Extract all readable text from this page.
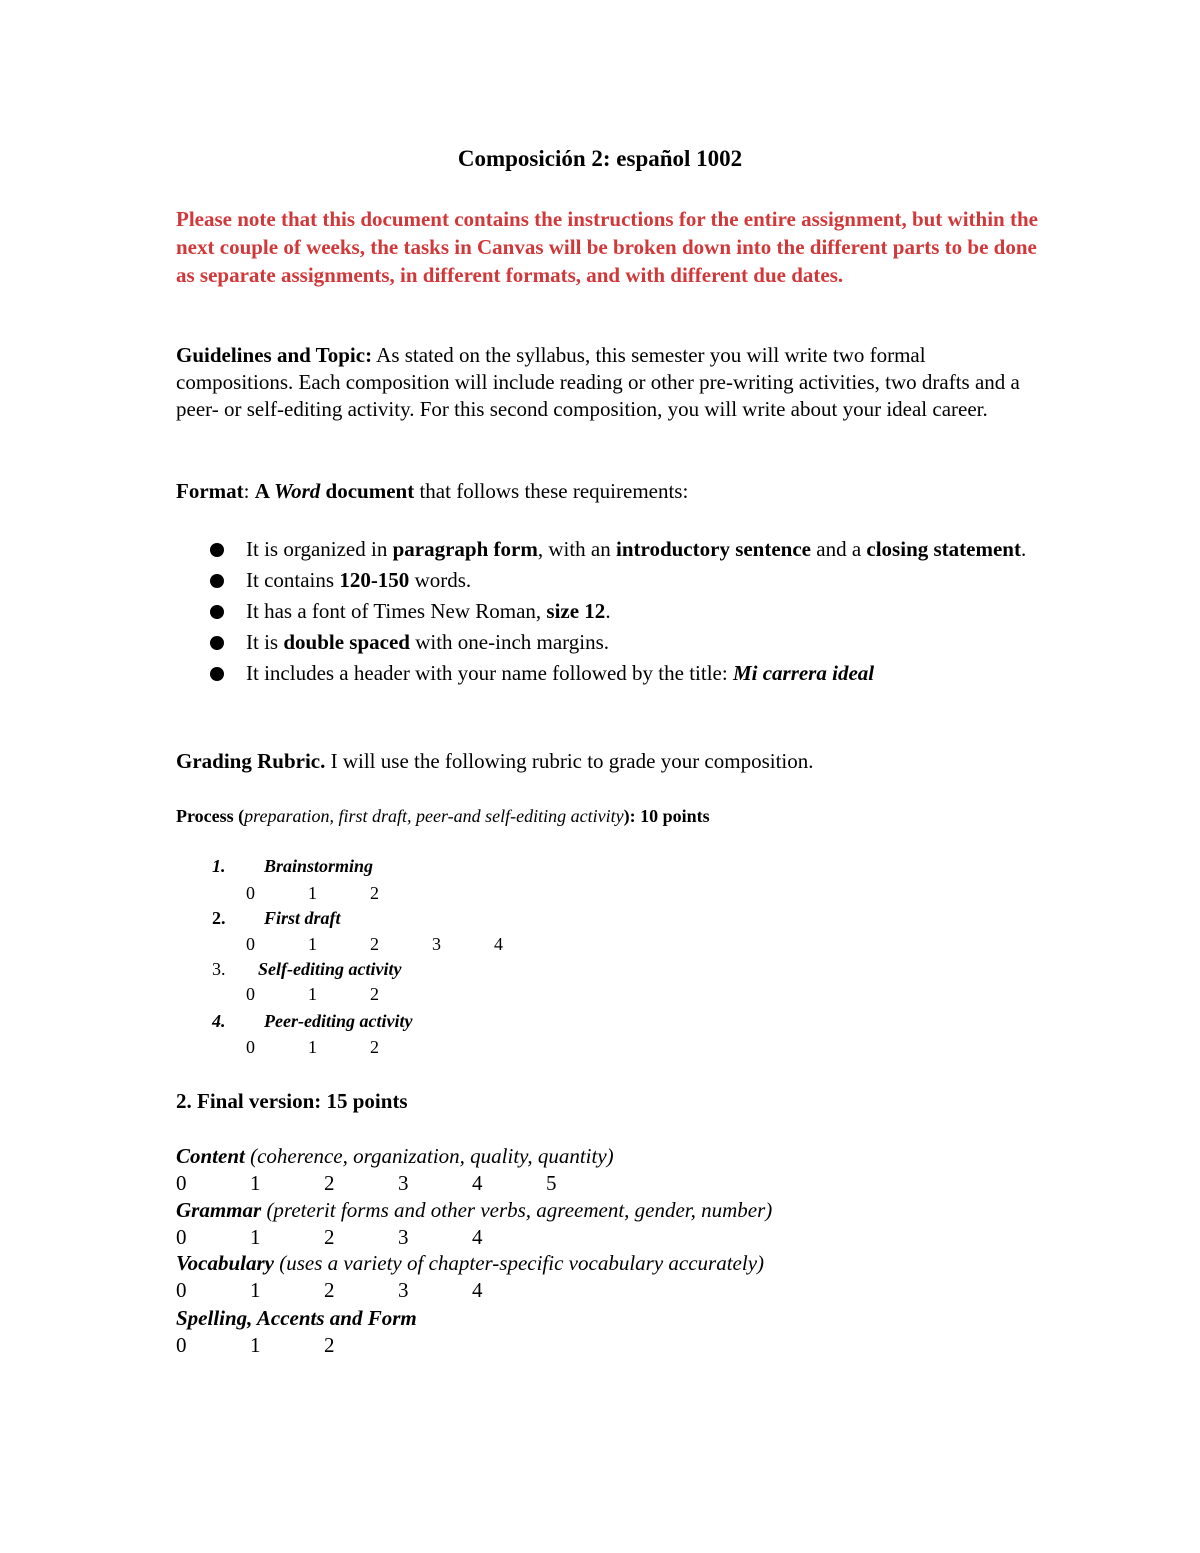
Composición 2: español 1002

Please note that this document contains the instructions for the entire assignment, but within the next couple of weeks, the tasks in Canvas will be broken down into the different parts to be done as separate assignments, in different formats, and with different due dates.

Guidelines and Topic: As stated on the syllabus, this semester you will write two formal compositions. Each composition will include reading or other pre-writing activities, two drafts and a peer- or self-editing activity. For this second composition, you will write about your ideal career.

Format: A Word document that follows these requirements:

It is organized in paragraph form, with an introductory sentence and a closing statement.
It contains 120-150 words.
It has a font of Times New Roman, size 12.
It is double spaced with one-inch margins.
It includes a header with your name followed by the title: Mi carrera ideal

Grading Rubric. I will use the following rubric to grade your composition.

Process (preparation, first draft, peer-and self-editing activity): 10 points

1. Brainstorming
0	1	2
2. First draft
0	1	2	3	4
3. Self-editing activity
0	1	2
4. Peer-editing activity
0	1	2

2. Final version: 15 points

Content (coherence, organization, quality, quantity)
0	1	2	3	4	5
Grammar (preterit forms and other verbs, agreement, gender, number)
0	1	2	3	4
Vocabulary (uses a variety of chapter-specific vocabulary accurately)
0	1	2	3	4
Spelling, Accents and Form
0	1	2
